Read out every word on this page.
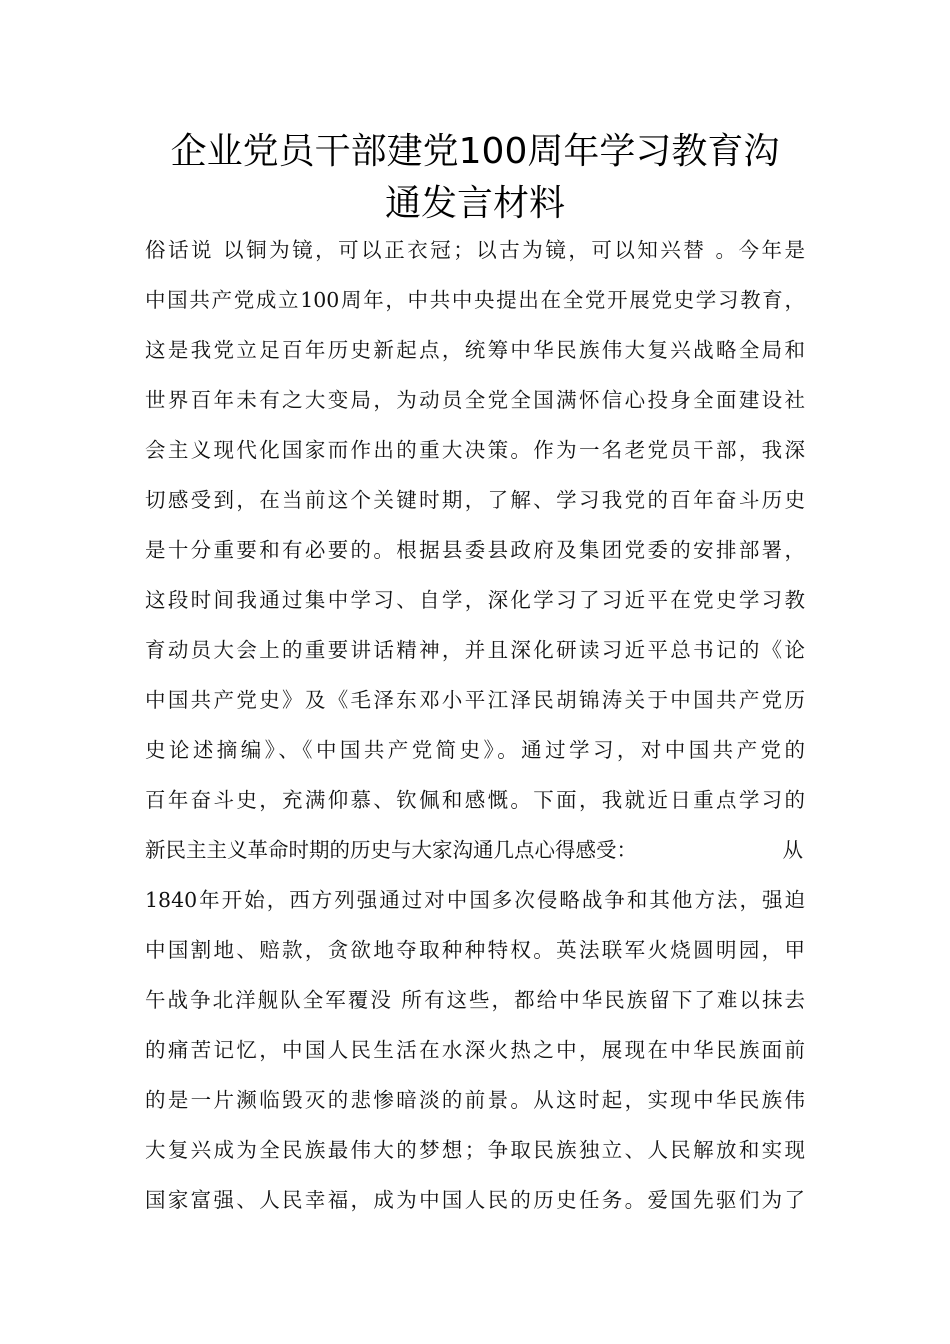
企业党员干部建党100周年学习教育沟
通发言材料

俗话说 以铜为镜，可以正衣冠；以古为镜，可以知兴替 。今年是

中国共产党成立100周年，中共中央提出在全党开展党史学习教育，

这是我党立足百年历史新起点，统筹中华民族伟大复兴战略全局和

世界百年未有之大变局，为动员全党全国满怀信心投身全面建设社

会主义现代化国家而作出的重大决策。作为一名老党员干部，我深

切感受到，在当前这个关键时期，了解、学习我党的百年奋斗历史

是十分重要和有必要的。根据县委县政府及集团党委的安排部署，

这段时间我通过集中学习、自学，深化学习了习近平在党史学习教

育动员大会上的重要讲话精神，并且深化研读习近平总书记的《论

中国共产党史》及《毛泽东邓小平江泽民胡锦涛关于中国共产党历

史论述摘编》、《中国共产党简史》。通过学习，对中国共产党的

百年奋斗史，充满仰慕、钦佩和感慨。下面，我就近日重点学习的

新民主主义革命时期的历史与大家沟通几点心得感受：	从

1840年开始，西方列强通过对中国多次侵略战争和其他方法，强迫

中国割地、赔款，贪欲地夺取种种特权。英法联军火烧圆明园，甲

午战争北洋舰队全军覆没 所有这些，都给中华民族留下了难以抹去

的痛苦记忆，中国人民生活在水深火热之中，展现在中华民族面前

的是一片濒临毁灭的悲惨暗淡的前景。从这时起，实现中华民族伟

大复兴成为全民族最伟大的梦想；争取民族独立、人民解放和实现

国家富强、人民幸福，成为中国人民的历史任务。爱国先驱们为了
